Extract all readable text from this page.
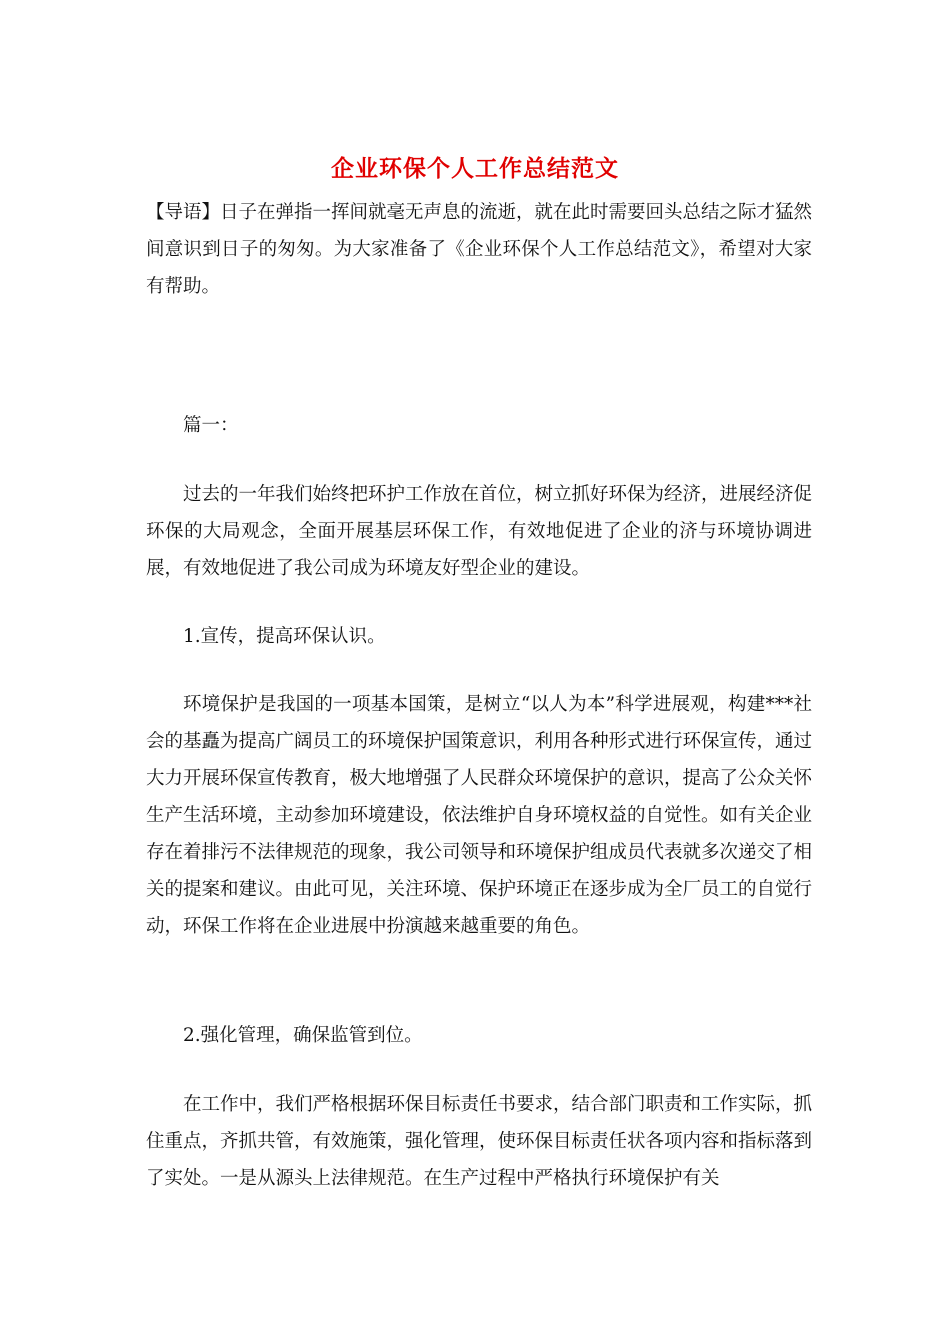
企业环保个人工作总结范文
【导语】日子在弹指一挥间就毫无声息的流逝，就在此时需要回头总结之际才猛然间意识到日子的匆匆。为大家准备了《企业环保个人工作总结范文》，希望对大家有帮助。
篇一：
过去的一年我们始终把环护工作放在首位，树立抓好环保为经济，进展经济促环保的大局观念，全面开展基层环保工作，有效地促进了企业的济与环境协调进展，有效地促进了我公司成为环境友好型企业的建设。
1.宣传，提高环保认识。
环境保护是我国的一项基本国策，是树立“以人为本”科学进展观，构建***社会的基矗为提高广阔员工的环境保护国策意识，利用各种形式进行环保宣传，通过大力开展环保宣传教育，极大地增强了人民群众环境保护的意识，提高了公众关怀生产生活环境，主动参加环境建设，依法维护自身环境权益的自觉性。如有关企业存在着排污不法律规范的现象，我公司领导和环境保护组成员代表就多次递交了相关的提案和建议。由此可见，关注环境、保护环境正在逐步成为全厂员工的自觉行动，环保工作将在企业进展中扮演越来越重要的角色。
2.强化管理，确保监管到位。
在工作中，我们严格根据环保目标责任书要求，结合部门职责和工作实际，抓住重点，齐抓共管，有效施策，强化管理，使环保目标责任状各项内容和指标落到了实处。一是从源头上法律规范。在生产过程中严格执行环境保护有关
